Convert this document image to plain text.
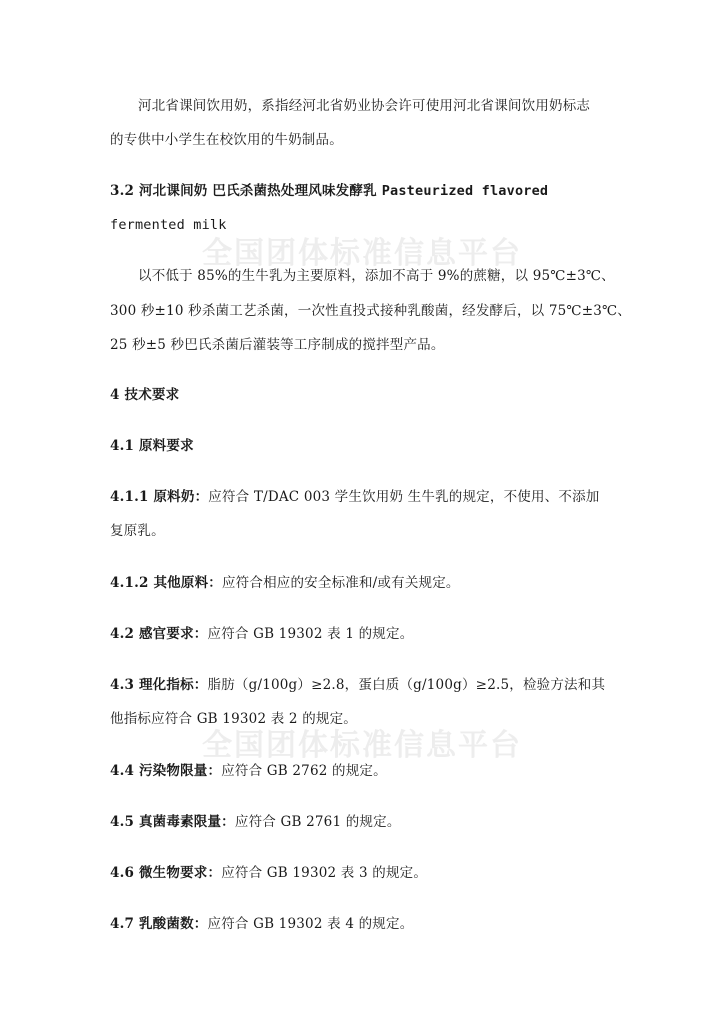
全国团体标准信息平台
全国团体标准信息平台
河北省课间饮用奶，系指经河北省奶业协会许可使用河北省课间饮用奶标志
的专供中小学生在校饮用的牛奶制品。
3.2 河北课间奶 巴氏杀菌热处理风味发酵乳 Pasteurized flavored
fermented milk
以不低于 85%的生牛乳为主要原料，添加不高于 9%的蔗糖，以 95℃±3℃、
300 秒±10 秒杀菌工艺杀菌，一次性直投式接种乳酸菌，经发酵后，以 75℃±3℃、
25 秒±5 秒巴氏杀菌后灌装等工序制成的搅拌型产品。
4 技术要求
4.1 原料要求
4.1.1 原料奶：应符合 T/DAC 003 学生饮用奶 生牛乳的规定，不使用、不添加
复原乳。
4.1.2 其他原料：应符合相应的安全标准和/或有关规定。
4.2 感官要求：应符合 GB 19302 表 1 的规定。
4.3 理化指标：脂肪（g/100g）≥2.8，蛋白质（g/100g）≥2.5，检验方法和其
他指标应符合 GB 19302 表 2 的规定。
4.4 污染物限量：应符合 GB 2762 的规定。
4.5 真菌毒素限量：应符合 GB 2761 的规定。
4.6 微生物要求：应符合 GB 19302 表 3 的规定。
4.7 乳酸菌数：应符合 GB 19302 表 4 的规定。
